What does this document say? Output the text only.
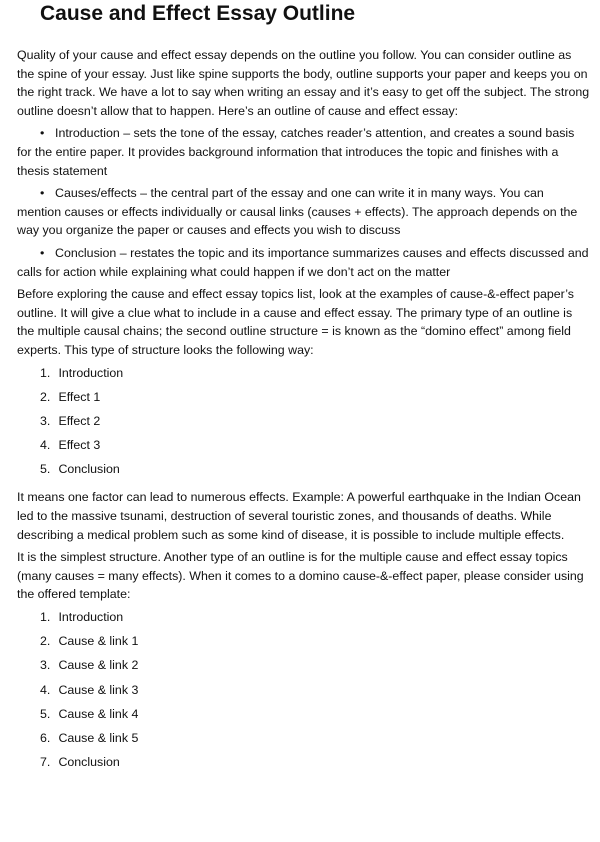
Cause and Effect Essay Outline

Quality of your cause and effect essay depends on the outline you follow. You can consider outline as the spine of your essay. Just like spine supports the body, outline supports your paper and keeps you on the right track. We have a lot to say when writing an essay and it’s easy to get off the subject. The strong outline doesn’t allow that to happen. Here’s an outline of cause and effect essay:

• Introduction – sets the tone of the essay, catches reader’s attention, and creates a sound basis for the entire paper. It provides background information that introduces the topic and finishes with a thesis statement

• Causes/effects – the central part of the essay and one can write it in many ways. You can mention causes or effects individually or causal links (causes + effects). The approach depends on the way you organize the paper or causes and effects you wish to discuss

• Conclusion – restates the topic and its importance summarizes causes and effects discussed and calls for action while explaining what could happen if we don’t act on the matter

Before exploring the cause and effect essay topics list, look at the examples of cause-&-effect paper’s outline. It will give a clue what to include in a cause and effect essay. The primary type of an outline is the multiple causal chains; the second outline structure = is known as the “domino effect” among field experts. This type of structure looks the following way:

1. Introduction
2. Effect 1
3. Effect 2
4. Effect 3
5. Conclusion

It means one factor can lead to numerous effects. Example: A powerful earthquake in the Indian Ocean led to the massive tsunami, destruction of several touristic zones, and thousands of deaths. While describing a medical problem such as some kind of disease, it is possible to include multiple effects.

It is the simplest structure. Another type of an outline is for the multiple cause and effect essay topics (many causes = many effects). When it comes to a domino cause-&-effect paper, please consider using the offered template:

1. Introduction
2. Cause & link 1
3. Cause & link 2
4. Cause & link 3
5. Cause & link 4
6. Cause & link 5
7. Conclusion
